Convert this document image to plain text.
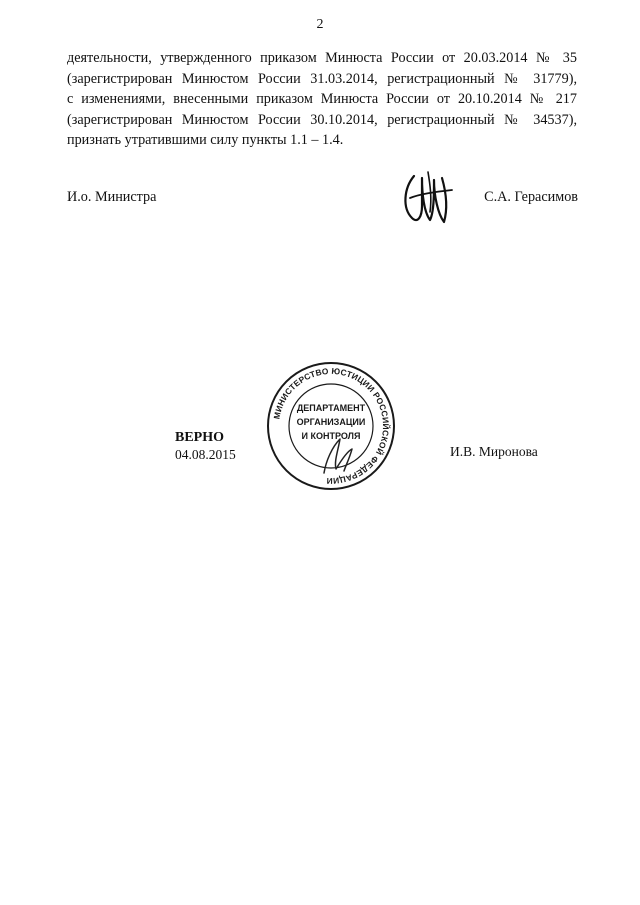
2
деятельности, утвержденного приказом Минюста России от 20.03.2014 № 35
(зарегистрирован Минюстом России 31.03.2014, регистрационный № 31779),
с изменениями, внесенными приказом Минюста России от 20.10.2014 № 217
(зарегистрирован Минюстом России 30.10.2014, регистрационный № 34537),
признать утратившими силу пункты 1.1 – 1.4.
И.о. Министра	С.А. Герасимов
ВЕРНО
04.08.2015
МИНИСТЕРСТВО ЮСТИЦИИ РОССИЙСКОЙ ФЕДЕРАЦИИ
ДЕПАРТАМЕНТ
ОРГАНИЗАЦИИ
И КОНТРОЛЯ
И.В. Миронова
